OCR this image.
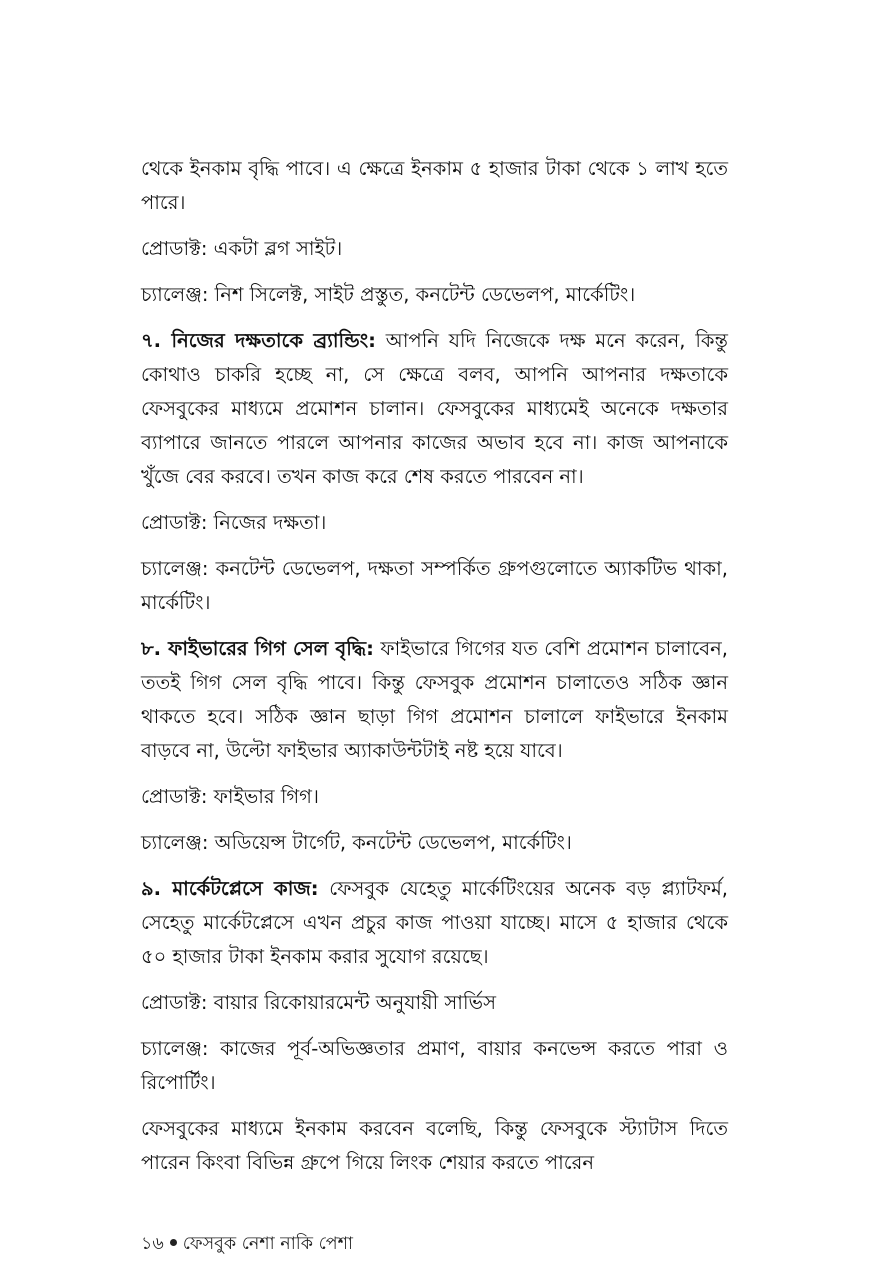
থেকে ইনকাম বৃদ্ধি পাবে। এ ক্ষেত্রে ইনকাম ৫ হাজার টাকা থেকে ১ লাখ হতে পারে।

প্রোডাক্ট: একটা ব্লগ সাইট।

চ্যালেঞ্জ: নিশ সিলেক্ট, সাইট প্রস্তুত, কনটেন্ট ডেভেলপ, মার্কেটিং।

৭. নিজের দক্ষতাকে ব্র্যান্ডিং: আপনি যদি নিজেকে দক্ষ মনে করেন, কিন্তু কোথাও চাকরি হচ্ছে না, সে ক্ষেত্রে বলব, আপনি আপনার দক্ষতাকে ফেসবুকের মাধ্যমে প্রমোশন চালান। ফেসবুকের মাধ্যমেই অনেকে দক্ষতার ব্যাপারে জানতে পারলে আপনার কাজের অভাব হবে না। কাজ আপনাকে খুঁজে বের করবে। তখন কাজ করে শেষ করতে পারবেন না।

প্রোডাক্ট: নিজের দক্ষতা।

চ্যালেঞ্জ: কনটেন্ট ডেভেলপ, দক্ষতা সম্পর্কিত গ্রুপগুলোতে অ্যাকটিভ থাকা, মার্কেটিং।

৮. ফাইভারের গিগ সেল বৃদ্ধি: ফাইভারে গিগের যত বেশি প্রমোশন চালাবেন, ততই গিগ সেল বৃদ্ধি পাবে। কিন্তু ফেসবুক প্রমোশন চালাতেও সঠিক জ্ঞান থাকতে হবে। সঠিক জ্ঞান ছাড়া গিগ প্রমোশন চালালে ফাইভারে ইনকাম বাড়বে না, উল্টো ফাইভার অ্যাকাউন্টটাই নষ্ট হয়ে যাবে।

প্রোডাক্ট: ফাইভার গিগ।

চ্যালেঞ্জ: অডিয়েন্স টার্গেট, কনটেন্ট ডেভেলপ, মার্কেটিং।

৯. মার্কেটপ্লেসে কাজ: ফেসবুক যেহেতু মার্কেটিংয়ের অনেক বড় প্ল্যাটফর্ম, সেহেতু মার্কেটপ্লেসে এখন প্রচুর কাজ পাওয়া যাচ্ছে। মাসে ৫ হাজার থেকে ৫০ হাজার টাকা ইনকাম করার সুযোগ রয়েছে।

প্রোডাক্ট: বায়ার রিকোয়ারমেন্ট অনুযায়ী সার্ভিস

চ্যালেঞ্জ: কাজের পূর্ব-অভিজ্ঞতার প্রমাণ, বায়ার কনভেন্স করতে পারা ও রিপোর্টিং।

ফেসবুকের মাধ্যমে ইনকাম করবেন বলেছি, কিন্তু ফেসবুকে স্ট্যাটাস দিতে পারেন কিংবা বিভিন্ন গ্রুপে গিয়ে লিংক শেয়ার করতে পারেন

১৬ ফেসবুক নেশা নাকি পেশা
